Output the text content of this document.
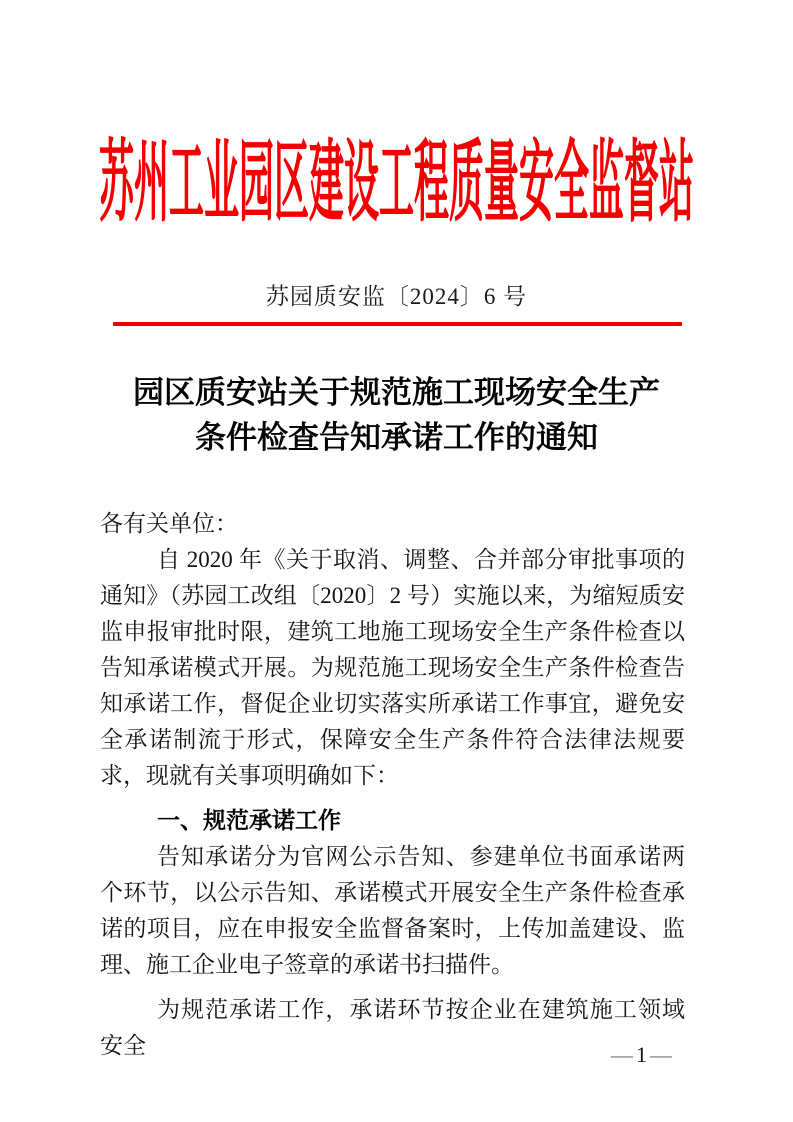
苏州工业园区建设工程质量安全监督站
苏园质安监〔2024〕6 号
园区质安站关于规范施工现场安全生产
条件检查告知承诺工作的通知

各有关单位：

自 2020 年《关于取消、调整、合并部分审批事项的通知》（苏园工改组〔2020〕2 号）实施以来，为缩短质安监申报审批时限，建筑工地施工现场安全生产条件检查以告知承诺模式开展。为规范施工现场安全生产条件检查告知承诺工作，督促企业切实落实所承诺工作事宜，避免安全承诺制流于形式，保障安全生产条件符合法律法规要求，现就有关事项明确如下：

一、规范承诺工作

告知承诺分为官网公示告知、参建单位书面承诺两个环节，以公示告知、承诺模式开展安全生产条件检查承诺的项目，应在申报安全监督备案时，上传加盖建设、监理、施工企业电子签章的承诺书扫描件。

为规范承诺工作，承诺环节按企业在建筑施工领域安全	— 1 —
